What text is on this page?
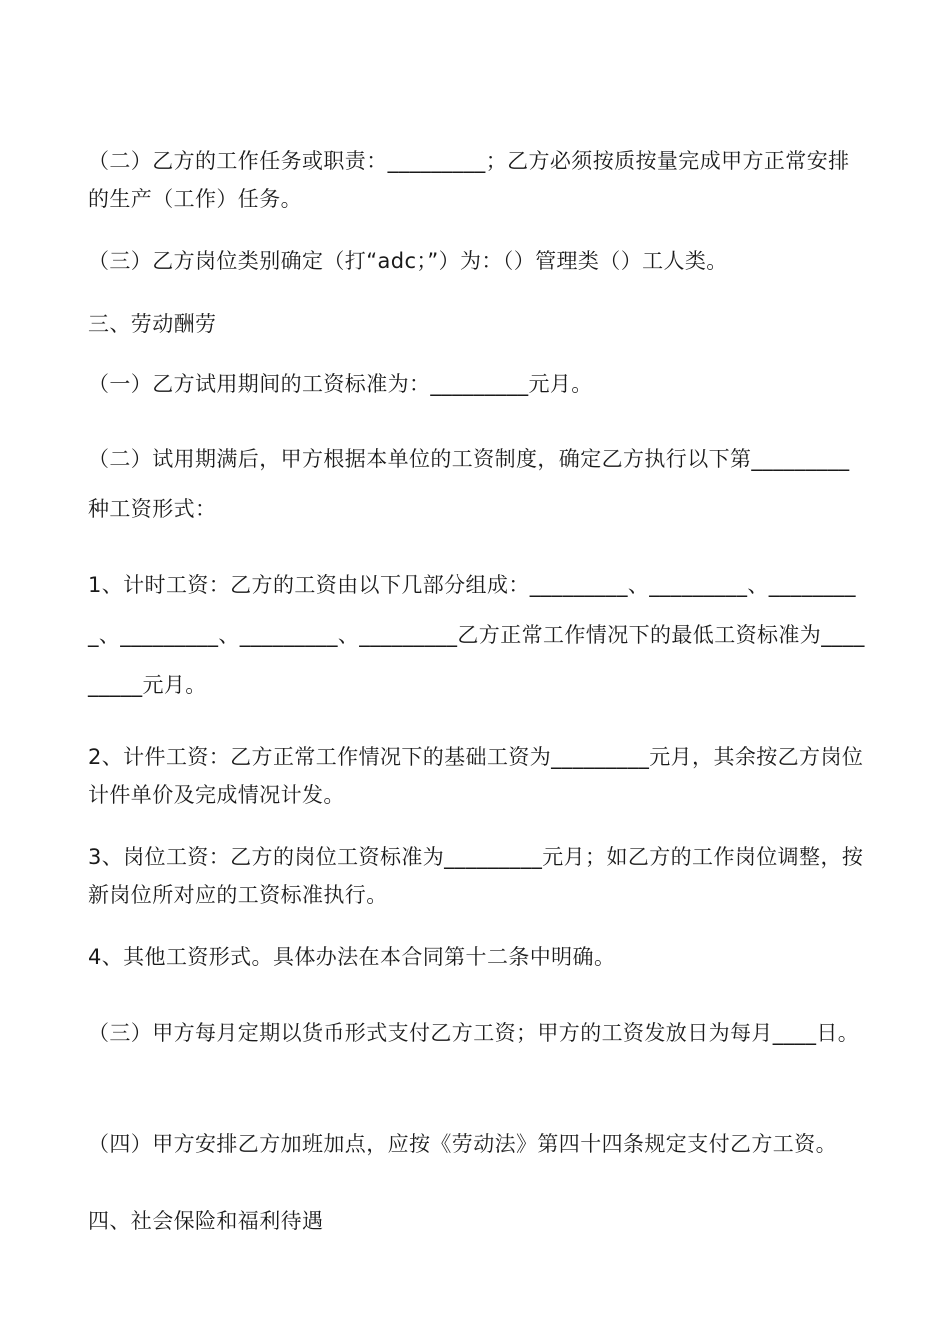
（二）乙方的工作任务或职责：_________；乙方必须按质按量完成甲方正常安排的生产（工作）任务。
（三）乙方岗位类别确定（打“adc；”）为：（）管理类（）工人类。
三、劳动酬劳
（一）乙方试用期间的工资标准为：_________元月。
（二）试用期满后，甲方根据本单位的工资制度，确定乙方执行以下第_________种工资形式：
1、计时工资：乙方的工资由以下几部分组成：_________、_________、_________、_________、_________、_________乙方正常工作情况下的最低工资标准为_________元月。
2、计件工资：乙方正常工作情况下的基础工资为_________元月，其余按乙方岗位计件单价及完成情况计发。
3、岗位工资：乙方的岗位工资标准为_________元月；如乙方的工作岗位调整，按新岗位所对应的工资标准执行。
4、其他工资形式。具体办法在本合同第十二条中明确。
（三）甲方每月定期以货币形式支付乙方工资；甲方的工资发放日为每月____日。
（四）甲方安排乙方加班加点，应按《劳动法》第四十四条规定支付乙方工资。
四、社会保险和福利待遇
